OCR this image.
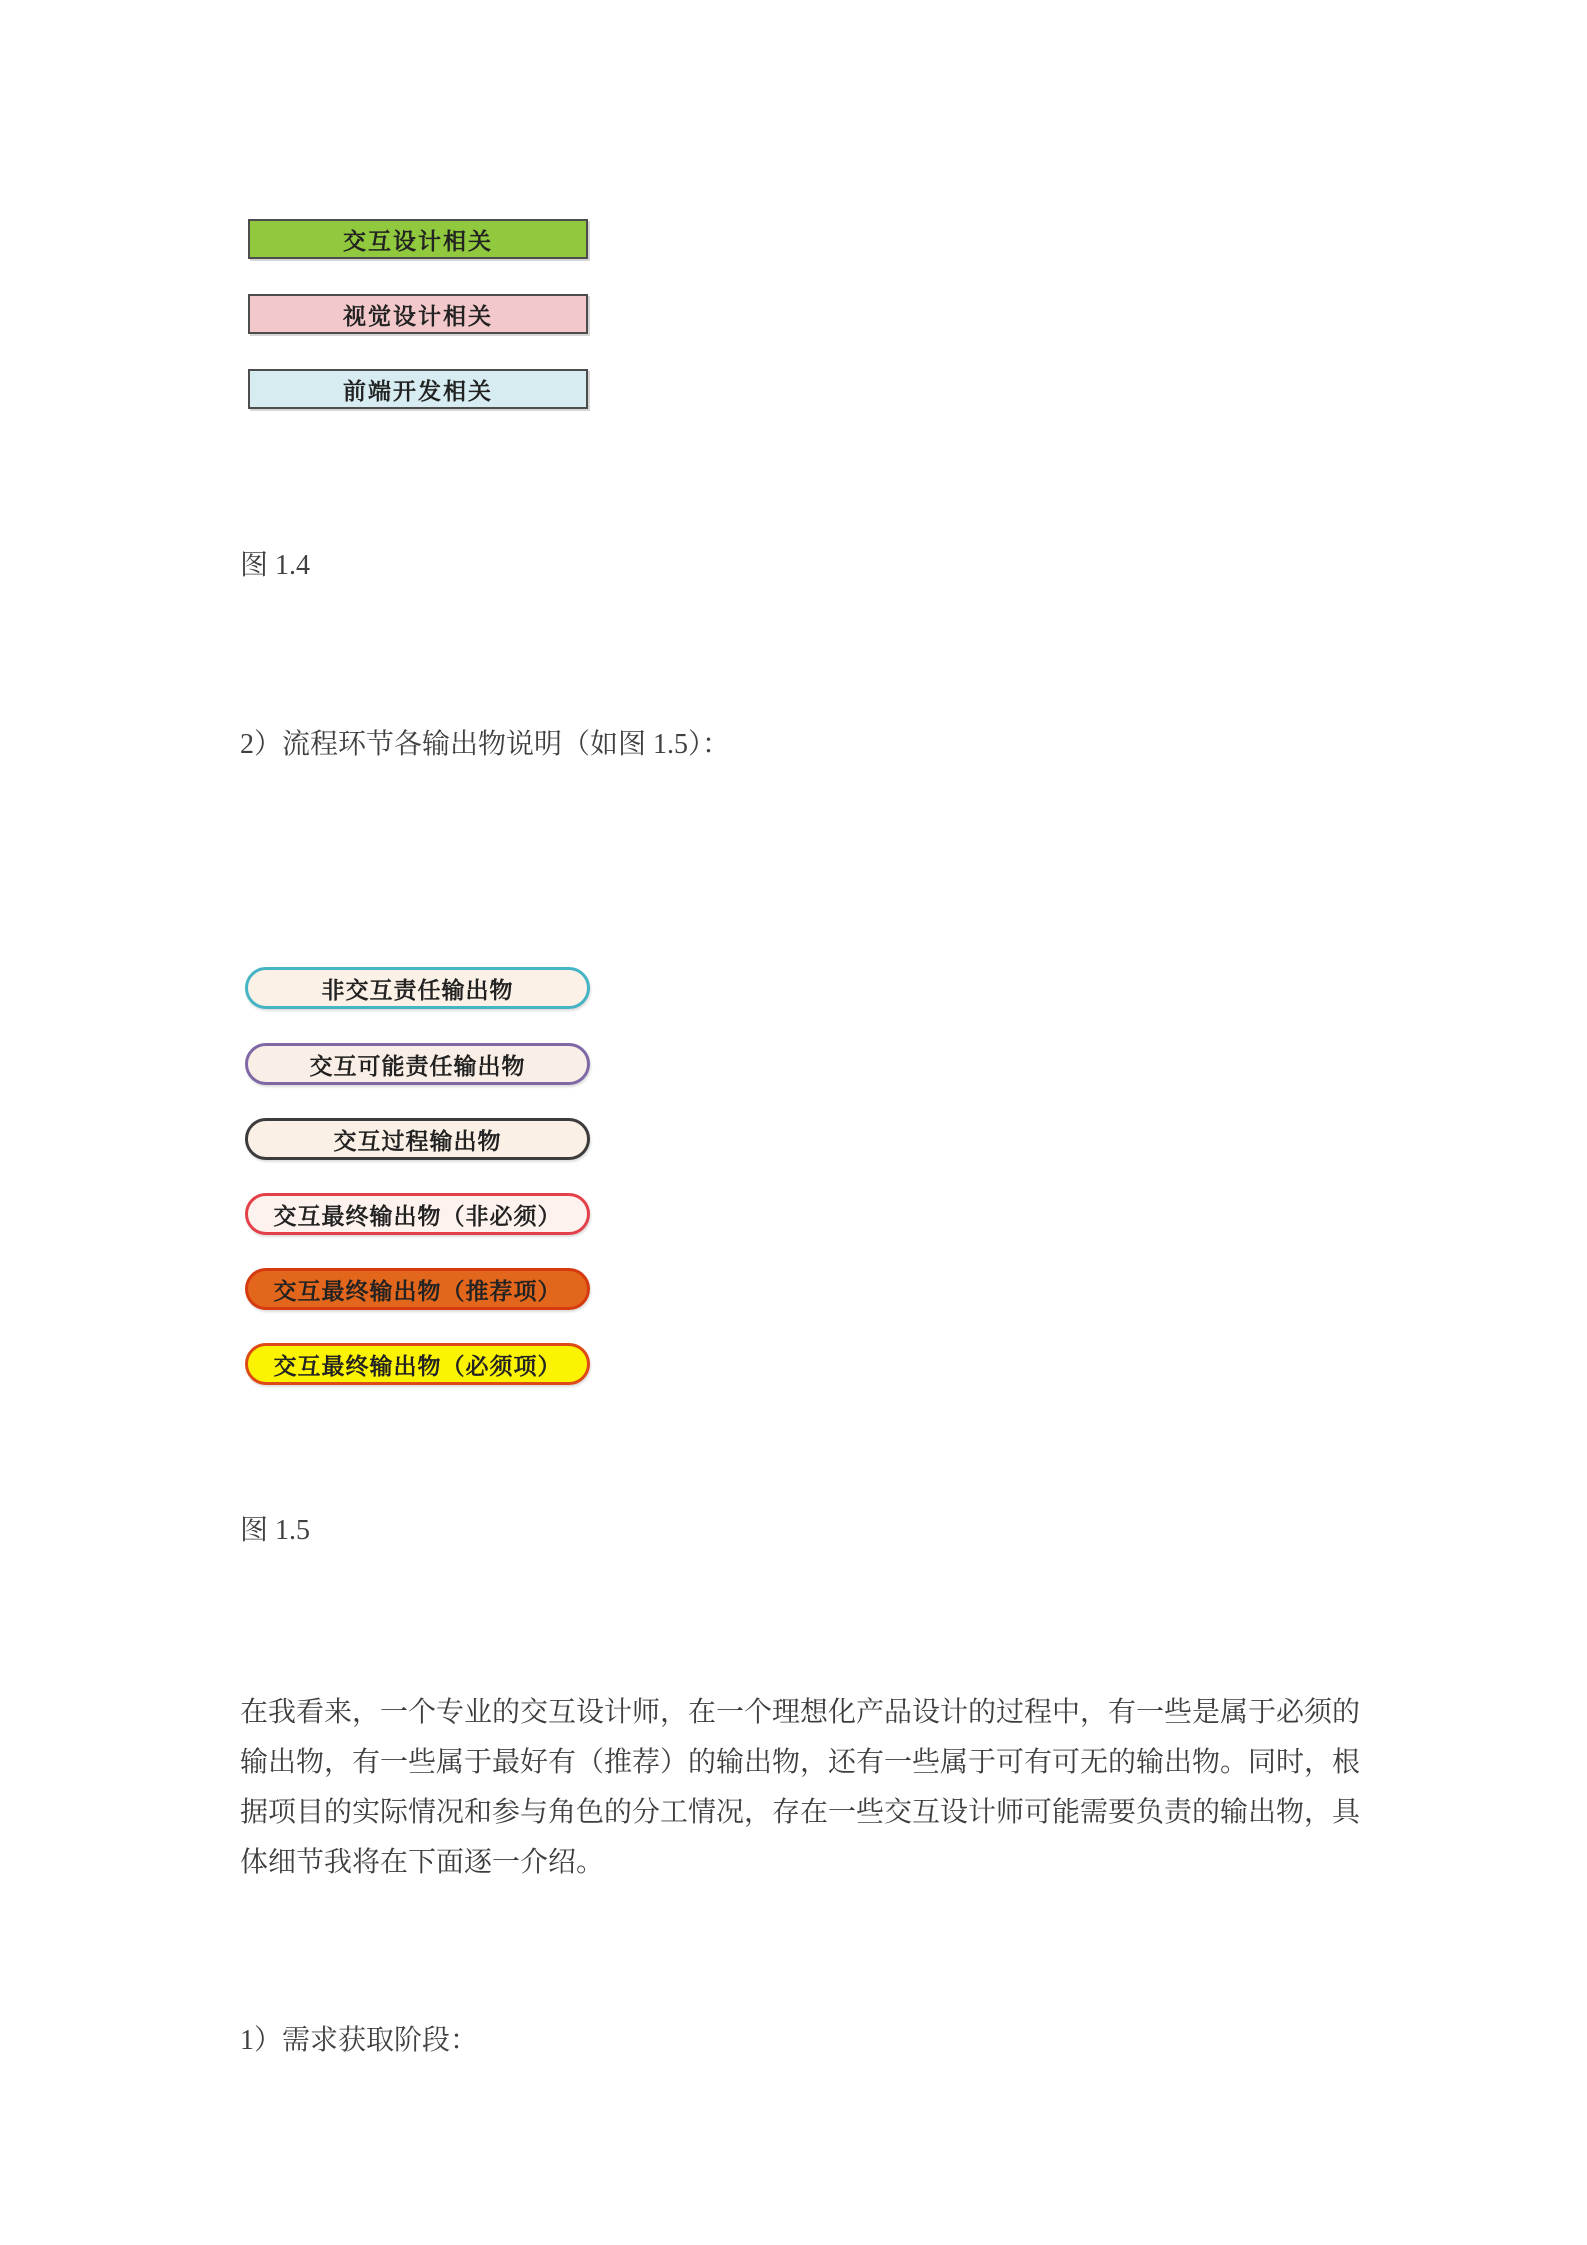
交互设计相关
视觉设计相关
前端开发相关
图 1.4
2）流程环节各输出物说明（如图 1.5）：
非交互责任输出物
交互可能责任输出物
交互过程输出物
交互最终输出物（非必须）
交互最终输出物（推荐项）
交互最终输出物（必须项）
图 1.5
在我看来，一个专业的交互设计师，在一个理想化产品设计的过程中，有一些是属于必须的
输出物，有一些属于最好有（推荐）的输出物，还有一些属于可有可无的输出物。同时，根
据项目的实际情况和参与角色的分工情况，存在一些交互设计师可能需要负责的输出物，具
体细节我将在下面逐一介绍。
1）需求获取阶段：
